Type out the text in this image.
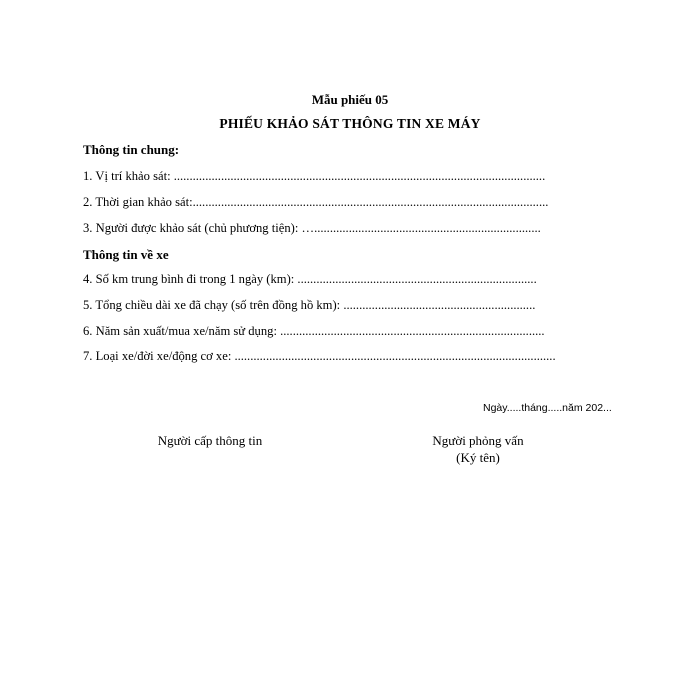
Mẫu phiếu 05
PHIẾU KHẢO SÁT THÔNG TIN XE MÁY
Thông tin chung:
1. Vị trí khảo sát: ......................................................................................................................
2. Thời gian khảo sát:.................................................................................................................
3. Người được khảo sát (chủ phương tiện): …........................................................................
Thông tin về xe
4. Số km trung bình đi trong 1 ngày (km): ............................................................................
5. Tổng chiều dài xe đã chạy (số trên đồng hồ km): .............................................................
6. Năm sản xuất/mua xe/năm sử dụng: ....................................................................................
7. Loại xe/đời xe/động cơ xe: ......................................................................................................
Ngày.....tháng.....năm 202...
Người cấp thông tin	Người phỏng vấn
(Ký tên)
